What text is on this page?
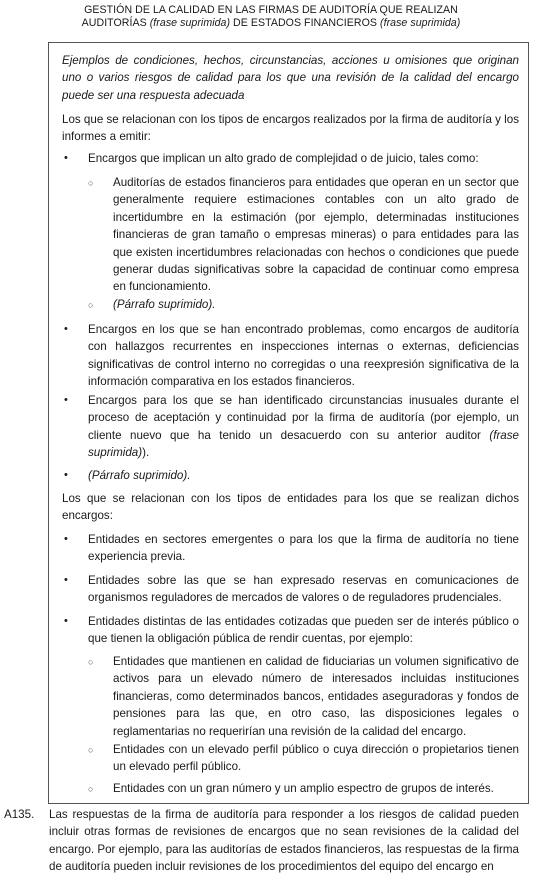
GESTIÓN DE LA CALIDAD EN LAS FIRMAS DE AUDITORÍA QUE REALIZAN
AUDITORÍAS (frase suprimida) DE ESTADOS FINANCIEROS (frase suprimida)
Ejemplos de condiciones, hechos, circunstancias, acciones u omisiones que originan uno o varios riesgos de calidad para los que una revisión de la calidad del encargo puede ser una respuesta adecuada
Los que se relacionan con los tipos de encargos realizados por la firma de auditoría y los informes a emitir:
• Encargos que implican un alto grado de complejidad o de juicio, tales como:
○ Auditorías de estados financieros para entidades que operan en un sector que generalmente requiere estimaciones contables con un alto grado de incertidumbre en la estimación (por ejemplo, determinadas instituciones financieras de gran tamaño o empresas mineras) o para entidades para las que existen incertidumbres relacionadas con hechos o condiciones que puede generar dudas significativas sobre la capacidad de continuar como empresa en funcionamiento.
○ (Párrafo suprimido).
• Encargos en los que se han encontrado problemas, como encargos de auditoría con hallazgos recurrentes en inspecciones internas o externas, deficiencias significativas de control interno no corregidas o una reexpresión significativa de la información comparativa en los estados financieros.
• Encargos para los que se han identificado circunstancias inusuales durante el proceso de aceptación y continuidad por la firma de auditoría (por ejemplo, un cliente nuevo que ha tenido un desacuerdo con su anterior auditor (frase suprimida)).
• (Párrafo suprimido).
Los que se relacionan con los tipos de entidades para los que se realizan dichos encargos:
• Entidades en sectores emergentes o para los que la firma de auditoría no tiene experiencia previa.
• Entidades sobre las que se han expresado reservas en comunicaciones de organismos reguladores de mercados de valores o de reguladores prudenciales.
• Entidades distintas de las entidades cotizadas que pueden ser de interés público o que tienen la obligación pública de rendir cuentas, por ejemplo:
○ Entidades que mantienen en calidad de fiduciarias un volumen significativo de activos para un elevado número de interesados incluidas instituciones financieras, como determinados bancos, entidades aseguradoras y fondos de pensiones para las que, en otro caso, las disposiciones legales o reglamentarias no requerirían una revisión de la calidad del encargo.
○ Entidades con un elevado perfil público o cuya dirección o propietarios tienen un elevado perfil público.
○ Entidades con un gran número y un amplio espectro de grupos de interés.
A135.	Las respuestas de la firma de auditoría para responder a los riesgos de calidad pueden incluir otras formas de revisiones de encargos que no sean revisiones de la calidad del encargo. Por ejemplo, para las auditorías de estados financieros, las respuestas de la firma de auditoría pueden incluir revisiones de los procedimientos del equipo del encargo en
